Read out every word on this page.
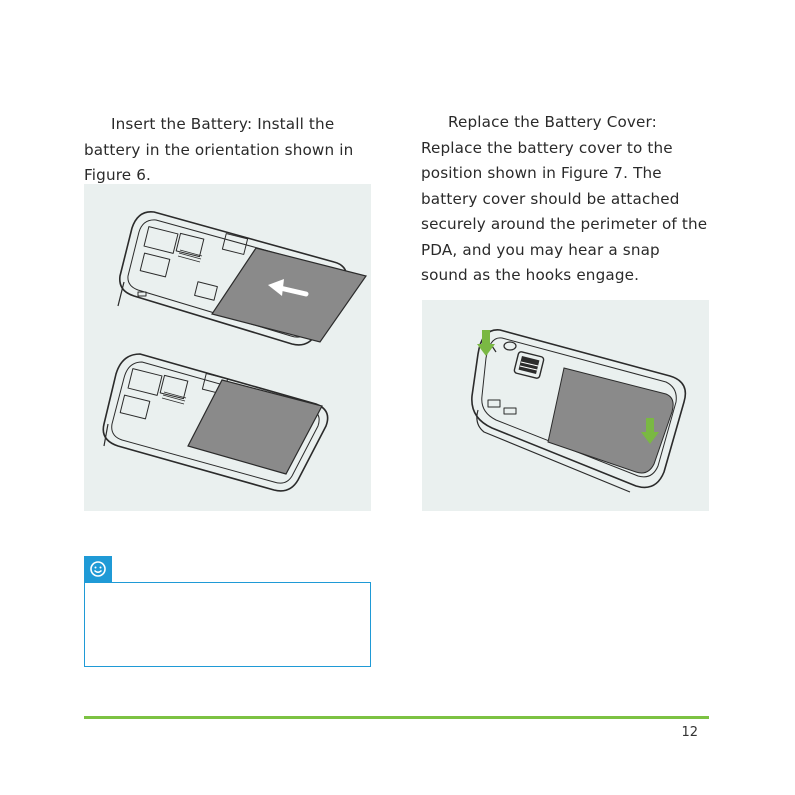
Insert the Battery: Install the battery in the orientation shown in Figure 6.

Replace the Battery Cover: Replace the battery cover to the position shown in Figure 7. The battery cover should be attached securely around the perimeter of the PDA, and you may hear a snap sound as the hooks engage.

12
